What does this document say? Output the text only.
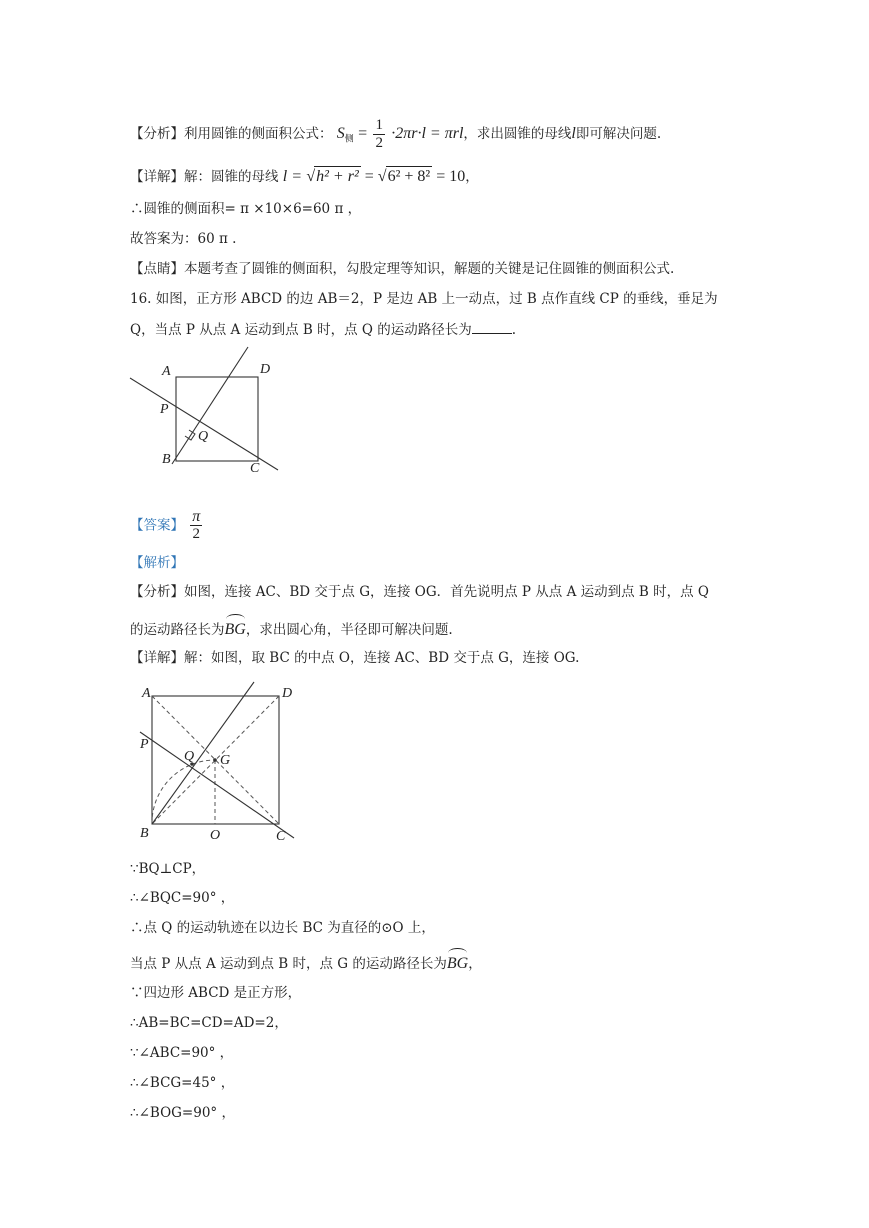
【分析】利用圆锥的侧面积公式： $S_侧 = \frac{1}{2} \cdot 2\pi r\cdot l = \pi rl$，求出圆锥的母线l即可解决问题.
【详解】解：圆锥的母线 l = √h² + r² = √6² + 8² = 10，
∴圆锥的侧面积= π ×10×6=60 π ，
故答案为：60 π .
【点睛】本题考查了圆锥的侧面积，勾股定理等知识，解题的关键是记住圆锥的侧面积公式.
16. 如图，正方形 ABCD 的边 AB＝2，P 是边 AB 上一动点，过 B 点作直线 CP 的垂线，垂足为
Q，当点 P 从点 A 运动到点 B 时，点 Q 的运动路径长为	.
A	D
P
Q
B
C
【答案】 $\frac{\pi}{2}$
【解析】
【分析】如图，连接 AC、BD 交于点 G，连接 OG．首先说明点 P 从点 A 运动到点 B 时，点 Q
的运动路径长为BG，求出圆心角，半径即可解决问题.
【详解】解：如图，取 BC 的中点 O，连接 AC、BD 交于点 G，连接 OG.
A	D
P
Q G
B	O	C
∵BQ⊥CP，
∴∠BQC=90° ，
∴点 Q 的运动轨迹在以边长 BC 为直径的⊙O 上，
当点 P 从点 A 运动到点 B 时，点 G 的运动路径长为BG，
∵四边形 ABCD 是正方形，
∴AB=BC=CD=AD=2，
∵∠ABC=90° ，
∴∠BCG=45° ，
∴∠BOG=90° ，
